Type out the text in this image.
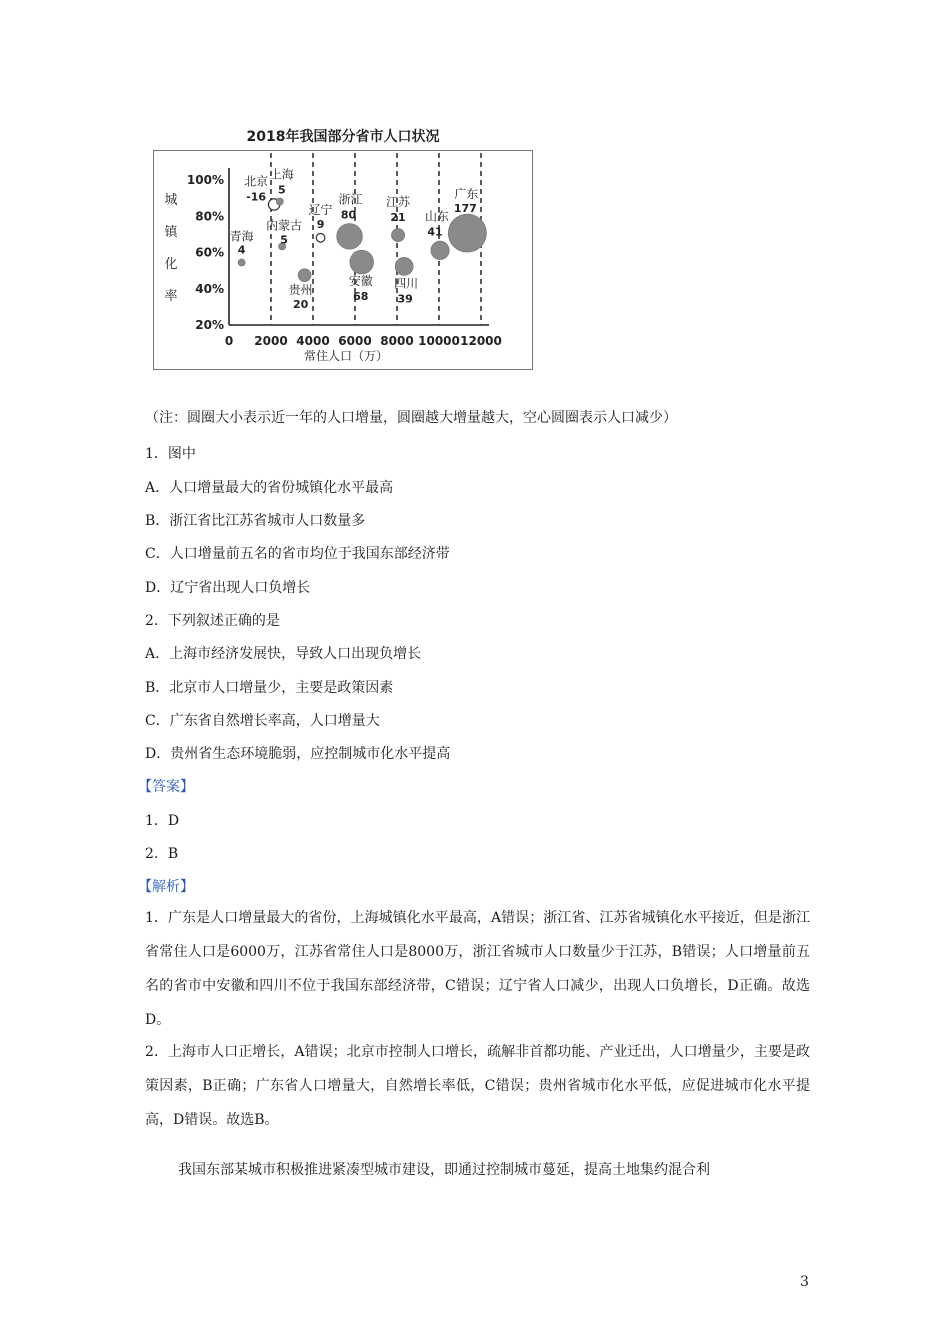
2018年我国部分省市人口状况
0 2000 4000 6000 8000 10000 12000
100%
80%
60%
40%
20%
常住人口（万）
城
镇
化
率
北京
-16
上海
5
内蒙古
5
辽宁
9
青海
4
贵州
20
浙江
80
江苏
21
安徽
68
四川
39
山东
41
广东
177
（注：圆圈大小表示近一年的人口增量，圆圈越大增量越大，空心圆圈表示人口减少）
1．图中
A．人口增量最大的省份城镇化水平最高
B．浙江省比江苏省城市人口数量多
C．人口增量前五名的省市均位于我国东部经济带
D．辽宁省出现人口负增长
2．下列叙述正确的是
A．上海市经济发展快，导致人口出现负增长
B．北京市人口增量少，主要是政策因素
C．广东省自然增长率高，人口增量大
D．贵州省生态环境脆弱，应控制城市化水平提高
【答案】
1．D
2．B
【解析】
1．广东是人口增量最大的省份，上海城镇化水平最高，A错误；浙江省、江苏省城镇化水平接近，但是浙江省常住人口是6000万，江苏省常住人口是8000万，浙江省城市人口数量少于江苏，B错误；人口增量前五名的省市中安徽和四川不位于我国东部经济带，C错误；辽宁省人口减少，出现人口负增长，D正确。故选D。
2．上海市人口正增长，A错误；北京市控制人口增长，疏解非首都功能、产业迁出，人口增量少，主要是政策因素，B正确；广东省人口增量大，自然增长率低，C错误；贵州省城市化水平低，应促进城市化水平提高，D错误。故选B。
我国东部某城市积极推进紧凑型城市建设，即通过控制城市蔓延，提高土地集约混合利
3
